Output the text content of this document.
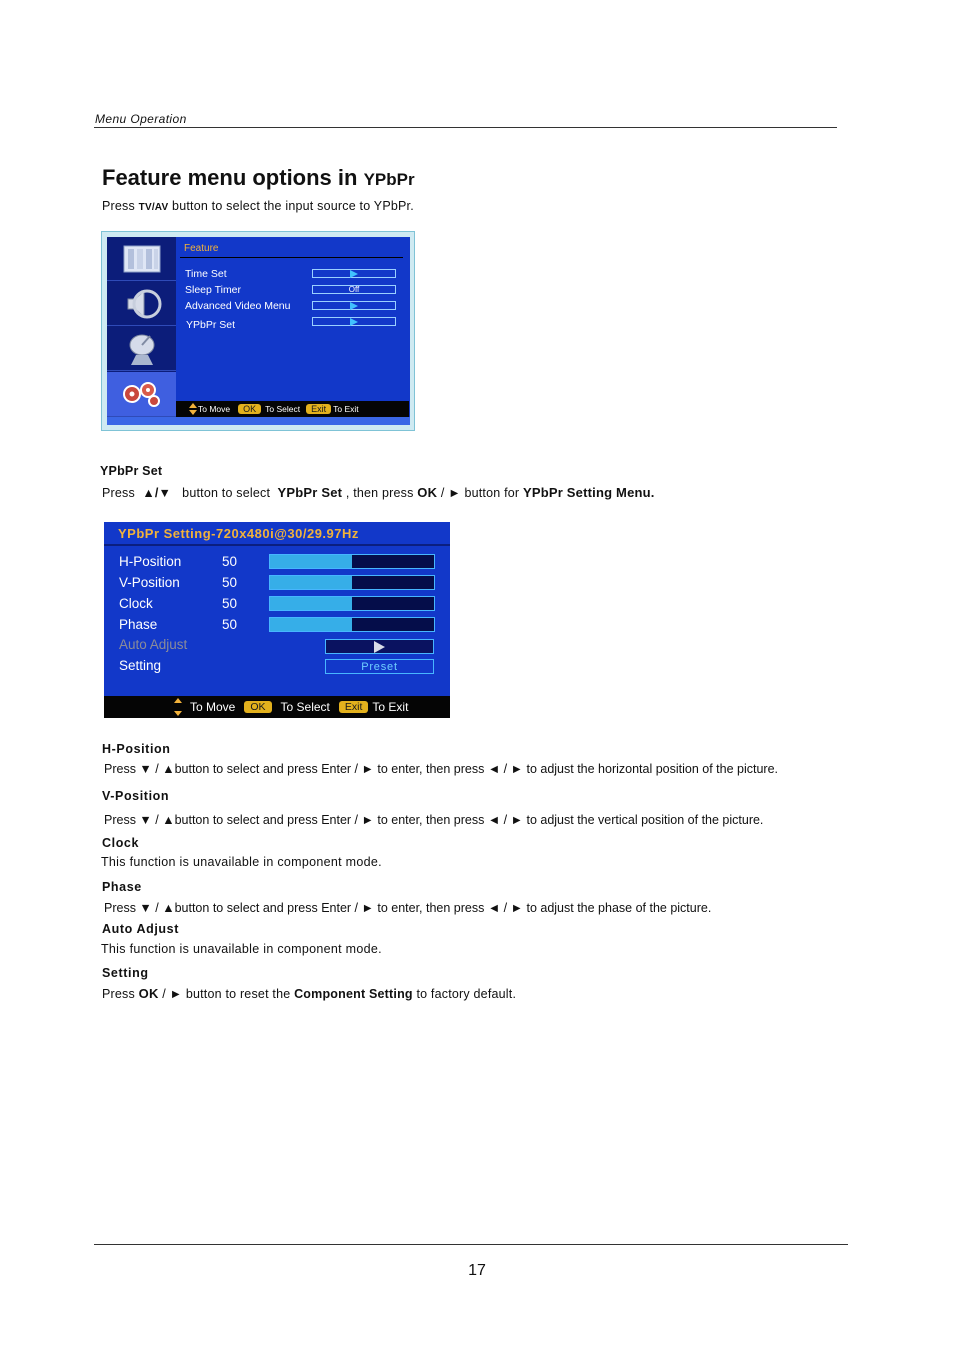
Menu Operation
Feature menu options in YPbPr
Press TV/AV button to select the input source to YPbPr.
Feature
Time Set
Sleep Timer	Off
Advanced Video Menu
YPbPr Set
To Move	OK	To Select	Exit To Exit
YPbPr Set
Press ▲/▼ button to select YPbPr Set , then press OK / ► button for YPbPr Setting Menu.
YPbPr Setting-720x480i@30/29.97Hz
H-Position	50
V-Position	50
Clock	50
Phase	50
Auto Adjust
Setting	Preset
To Move	OK	To Select	Exit To Exit
H-Position
Press ▼ / ▲button to select and press Enter / ► to enter, then press ◄ / ► to adjust the horizontal position of the picture.
V-Position
Press ▼ / ▲button to select and press Enter / ► to enter, then press ◄ / ► to adjust the vertical position of the picture.
Clock
This function is unavailable in component mode.
Phase
Press ▼ / ▲button to select and press Enter / ► to enter, then press ◄ / ► to adjust the phase of the picture.
Auto Adjust
This function is unavailable in component mode.
Setting
Press OK / ► button to reset the Component Setting to factory default.
17
